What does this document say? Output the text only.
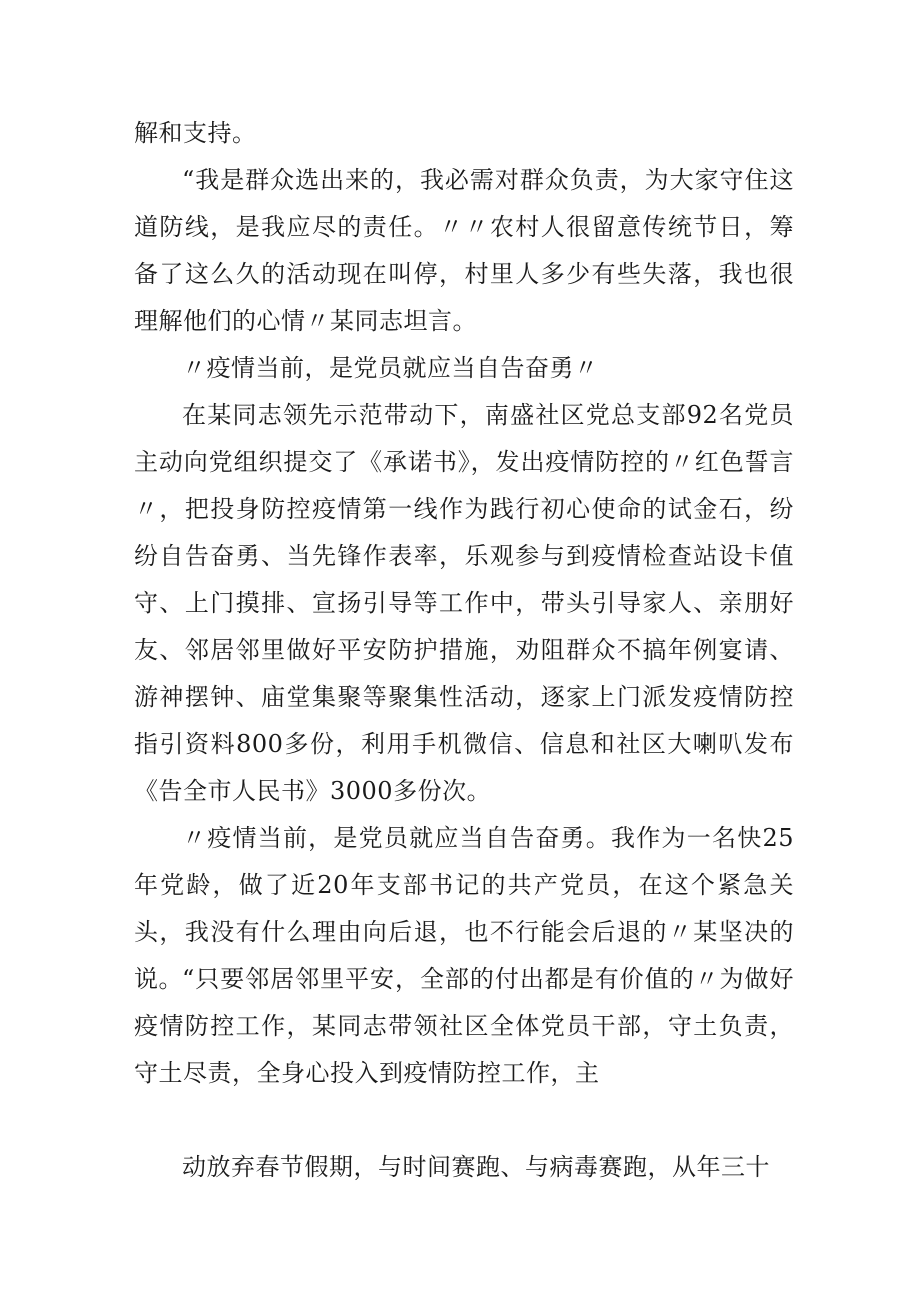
解和支持。

“我是群众选出来的，我必需对群众负责，为大家守住这道防线，是我应尽的责任。〃〃农村人很留意传统节日，筹备了这么久的活动现在叫停，村里人多少有些失落，我也很理解他们的心情〃某同志坦言。

〃疫情当前，是党员就应当自告奋勇〃

在某同志领先示范带动下，南盛社区党总支部92名党员主动向党组织提交了《承诺书》，发出疫情防控的〃红色誓言〃，把投身防控疫情第一线作为践行初心使命的试金石，纷纷自告奋勇、当先锋作表率，乐观参与到疫情检查站设卡值守、上门摸排、宣扬引导等工作中，带头引导家人、亲朋好友、邻居邻里做好平安防护措施，劝阻群众不搞年例宴请、游神摆钟、庙堂集聚等聚集性活动，逐家上门派发疫情防控指引资料800多份，利用手机微信、信息和社区大喇叭发布《告全市人民书》3000多份次。

〃疫情当前，是党员就应当自告奋勇。我作为一名快25年党龄，做了近20年支部书记的共产党员，在这个紧急关头，我没有什么理由向后退，也不行能会后退的〃某坚决的说。 “只要邻居邻里平安，全部的付出都是有价值的〃为做好疫情防控工作，某同志带领社区全体党员干部，守土负责，守土尽责，全身心投入到疫情防控工作，主

动放弃春节假期，与时间赛跑、与病毒赛跑，从年三十
